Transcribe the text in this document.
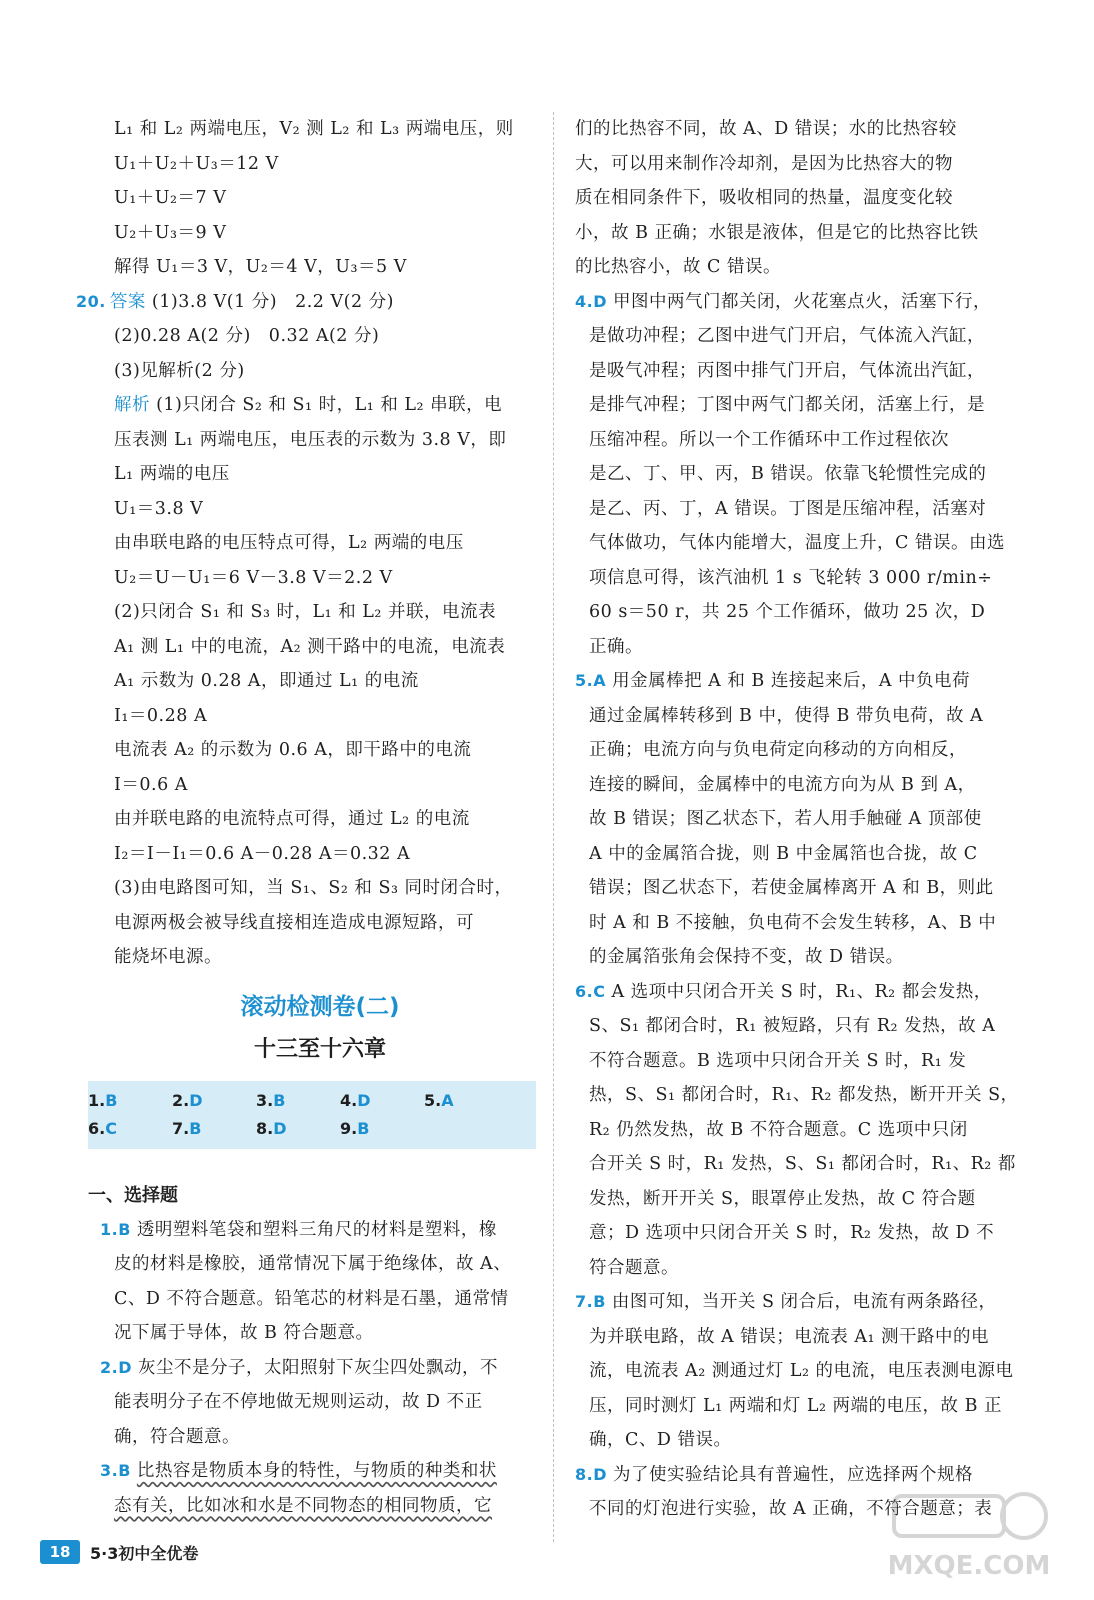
L₁ 和 L₂ 两端电压，V₂ 测 L₂ 和 L₃ 两端电压，则
U₁＋U₂＋U₃＝12 V
U₁＋U₂＝7 V
U₂＋U₃＝9 V
解得 U₁＝3 V，U₂＝4 V，U₃＝5 V
20. 答案 (1)3.8 V(1 分)　2.2 V(2 分)
(2)0.28 A(2 分)　0.32 A(2 分)
(3)见解析(2 分)
解析 (1)只闭合 S₂ 和 S₁ 时，L₁ 和 L₂ 串联，电
压表测 L₁ 两端电压，电压表的示数为 3.8 V，即
L₁ 两端的电压
U₁＝3.8 V
由串联电路的电压特点可得，L₂ 两端的电压
U₂＝U－U₁＝6 V－3.8 V＝2.2 V
(2)只闭合 S₁ 和 S₃ 时，L₁ 和 L₂ 并联，电流表
A₁ 测 L₁ 中的电流，A₂ 测干路中的电流，电流表
A₁ 示数为 0.28 A，即通过 L₁ 的电流
I₁＝0.28 A
电流表 A₂ 的示数为 0.6 A，即干路中的电流
I＝0.6 A
由并联电路的电流特点可得，通过 L₂ 的电流
I₂＝I－I₁＝0.6 A－0.28 A＝0.32 A
(3)由电路图可知，当 S₁、S₂ 和 S₃ 同时闭合时，
电源两极会被导线直接相连造成电源短路，可
能烧坏电源。
滚动检测卷(二)
十三至十六章
1.B	2.D	3.B	4.D	5.A
6.C	7.B	8.D	9.B
一、选择题
1.B 透明塑料笔袋和塑料三角尺的材料是塑料，橡
皮的材料是橡胶，通常情况下属于绝缘体，故 A、
C、D 不符合题意。铅笔芯的材料是石墨，通常情
况下属于导体，故 B 符合题意。
2.D 灰尘不是分子，太阳照射下灰尘四处飘动，不
能表明分子在不停地做无规则运动，故 D 不正
确，符合题意。
3.B 比热容是物质本身的特性，与物质的种类和状
态有关，比如冰和水是不同物态的相同物质，它
们的比热容不同，故 A、D 错误；水的比热容较
大，可以用来制作冷却剂，是因为比热容大的物
质在相同条件下，吸收相同的热量，温度变化较
小，故 B 正确；水银是液体，但是它的比热容比铁
的比热容小，故 C 错误。
4.D 甲图中两气门都关闭，火花塞点火，活塞下行，
是做功冲程；乙图中进气门开启，气体流入汽缸，
是吸气冲程；丙图中排气门开启，气体流出汽缸，
是排气冲程；丁图中两气门都关闭，活塞上行，是
压缩冲程。所以一个工作循环中工作过程依次
是乙、丁、甲、丙，B 错误。依靠飞轮惯性完成的
是乙、丙、丁，A 错误。丁图是压缩冲程，活塞对
气体做功，气体内能增大，温度上升，C 错误。由选
项信息可得，该汽油机 1 s 飞轮转 3 000 r/min÷
60 s＝50 r，共 25 个工作循环，做功 25 次，D
正确。
5.A 用金属棒把 A 和 B 连接起来后，A 中负电荷
通过金属棒转移到 B 中，使得 B 带负电荷，故 A
正确；电流方向与负电荷定向移动的方向相反，
连接的瞬间，金属棒中的电流方向为从 B 到 A，
故 B 错误；图乙状态下，若人用手触碰 A 顶部使
A 中的金属箔合拢，则 B 中金属箔也合拢，故 C
错误；图乙状态下，若使金属棒离开 A 和 B，则此
时 A 和 B 不接触，负电荷不会发生转移，A、B 中
的金属箔张角会保持不变，故 D 错误。
6.C A 选项中只闭合开关 S 时，R₁、R₂ 都会发热，
S、S₁ 都闭合时，R₁ 被短路，只有 R₂ 发热，故 A
不符合题意。B 选项中只闭合开关 S 时，R₁ 发
热，S、S₁ 都闭合时，R₁、R₂ 都发热，断开开关 S，
R₂ 仍然发热，故 B 不符合题意。C 选项中只闭
合开关 S 时，R₁ 发热，S、S₁ 都闭合时，R₁、R₂ 都
发热，断开开关 S，眼罩停止发热，故 C 符合题
意；D 选项中只闭合开关 S 时，R₂ 发热，故 D 不
符合题意。
7.B 由图可知，当开关 S 闭合后，电流有两条路径，
为并联电路，故 A 错误；电流表 A₁ 测干路中的电
流，电流表 A₂ 测通过灯 L₂ 的电流，电压表测电源电
压，同时测灯 L₁ 两端和灯 L₂ 两端的电压，故 B 正
确，C、D 错误。
8.D 为了使实验结论具有普遍性，应选择两个规格
不同的灯泡进行实验，故 A 正确，不符合题意；表
18	5·3初中全优卷	MXQE.COM
